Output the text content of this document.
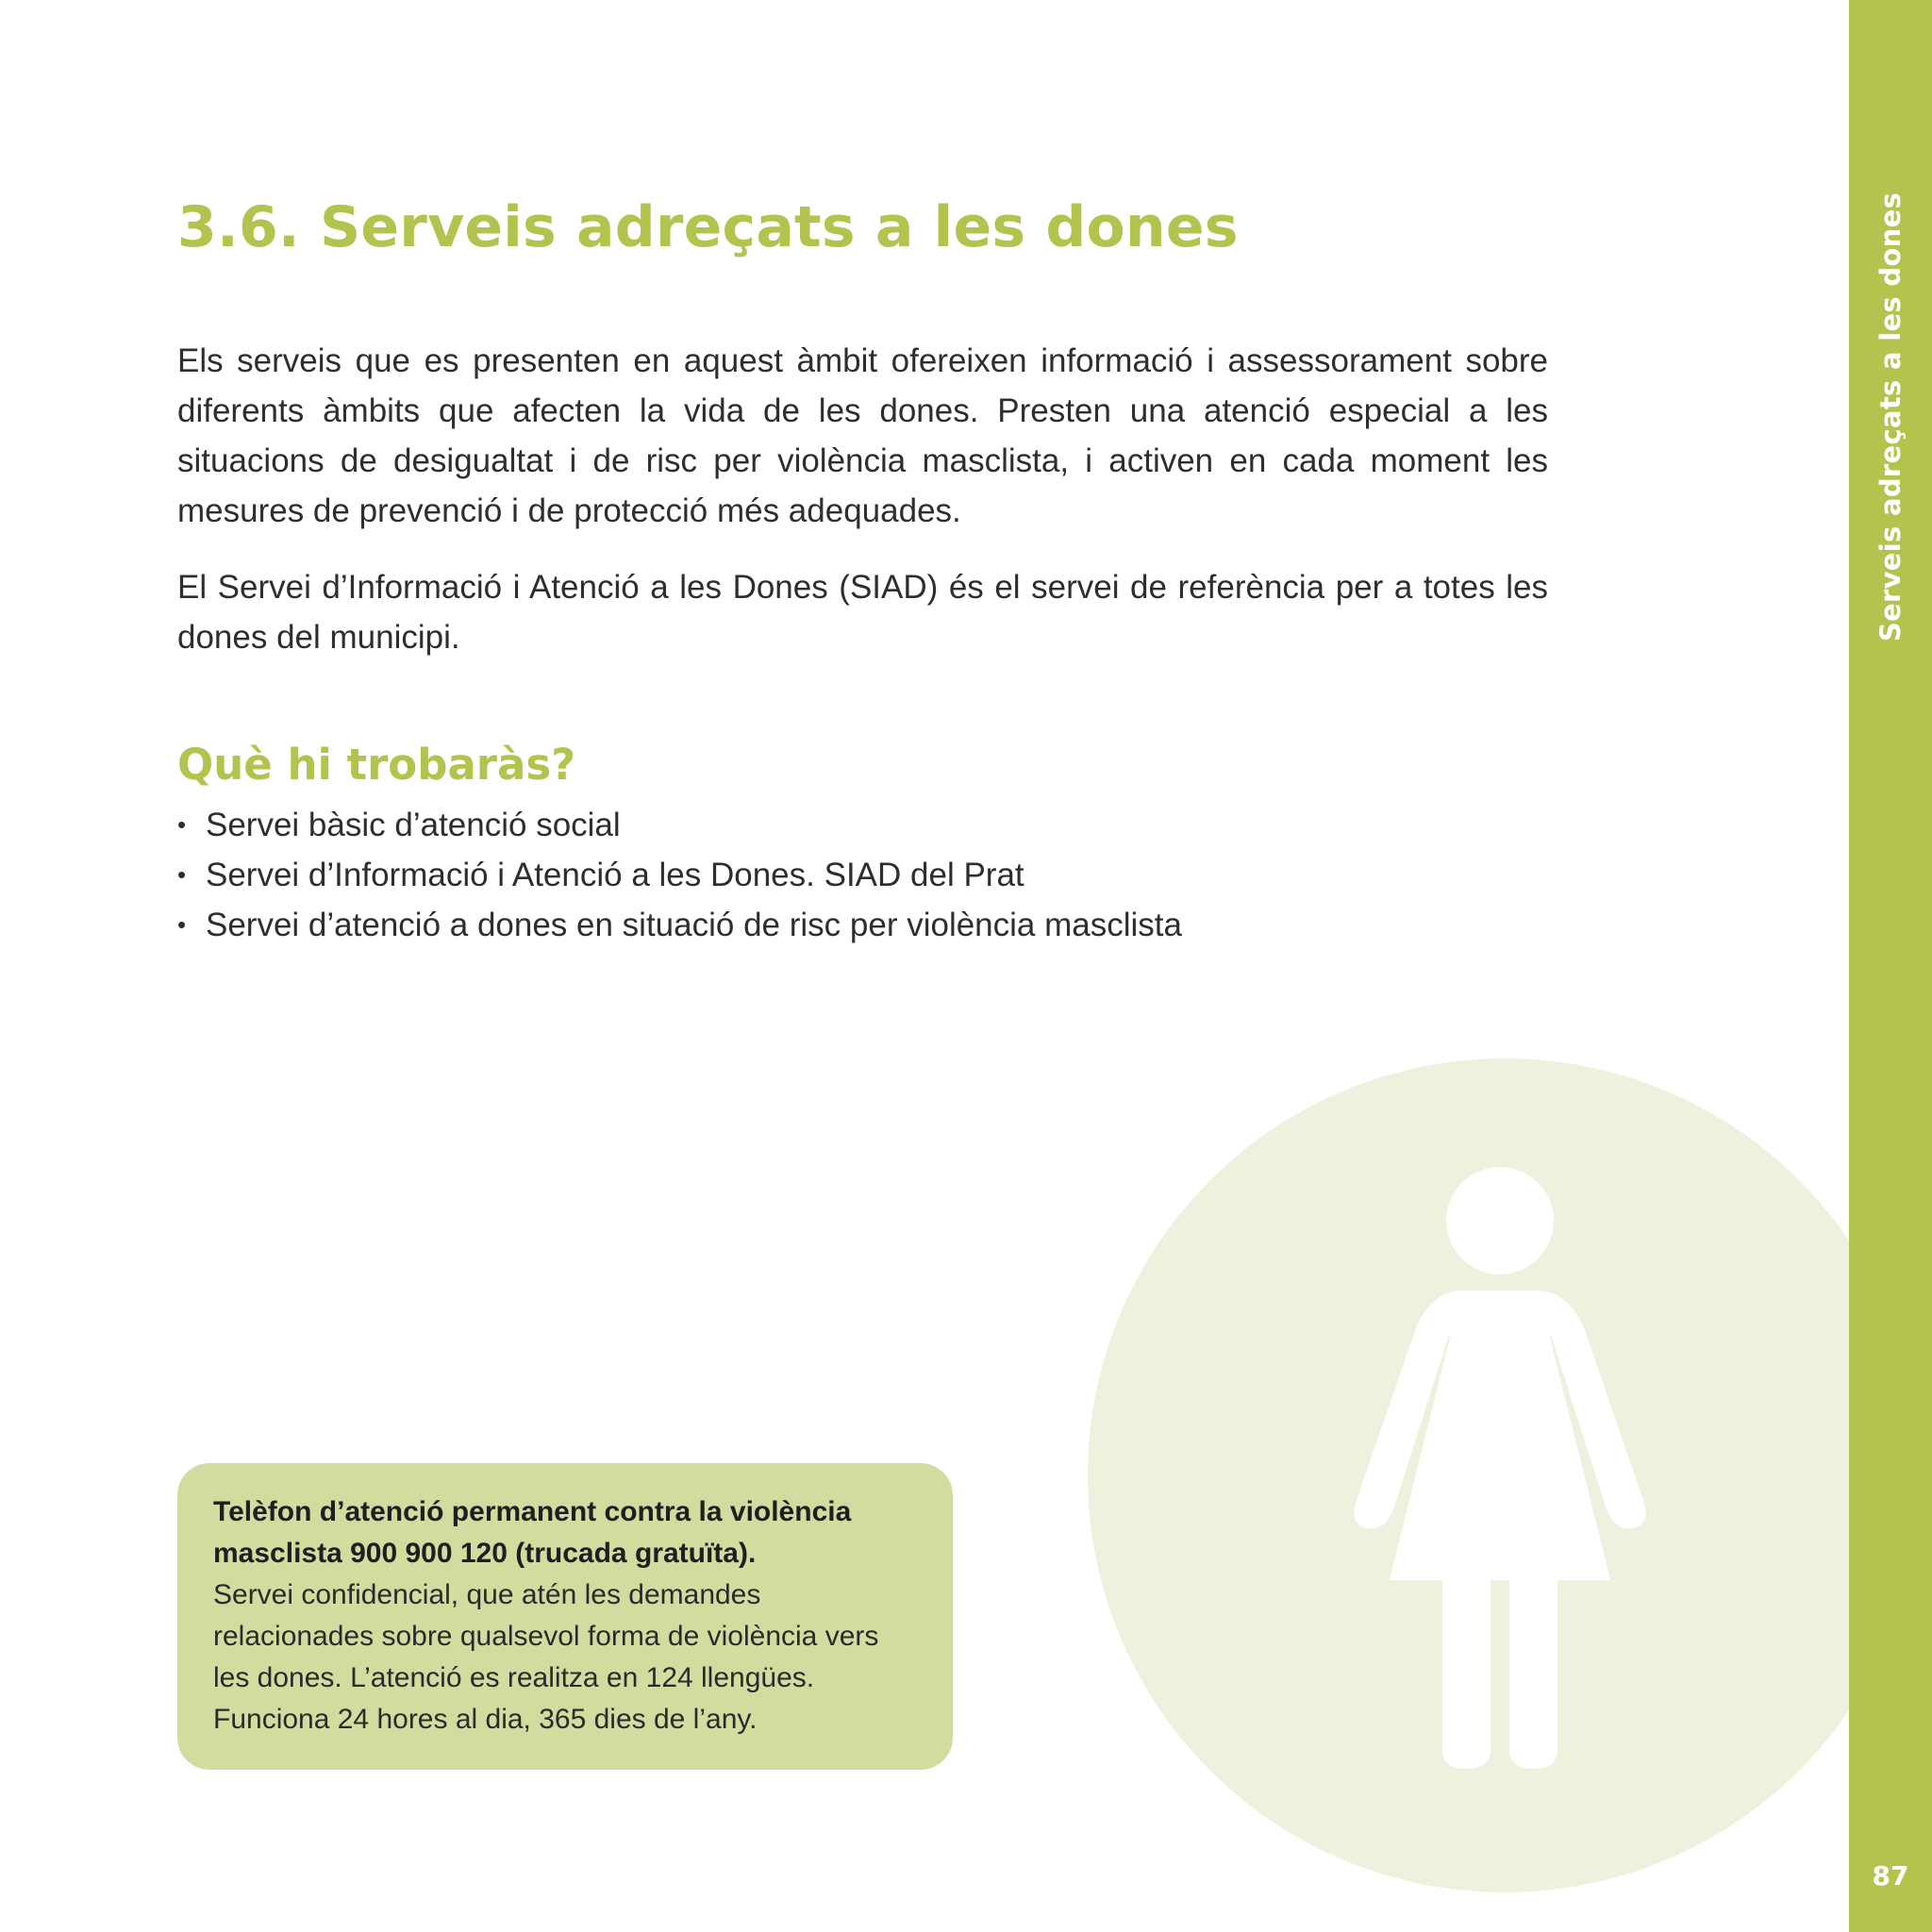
Serveis adreçats a les dones
87
3.6. Serveis adreçats a les dones

Els serveis que es presenten en aquest àmbit ofereixen informació i assessorament sobre diferents àmbits que afecten la vida de les dones. Presten una atenció especial a les situacions de desigualtat i de risc per violència masclista, i activen en cada moment les mesures de prevenció i de protecció més adequades.

El Servei d’Informació i Atenció a les Dones (SIAD) és el servei de referència per a totes les dones del municipi.

Què hi trobaràs?
• Servei bàsic d’atenció social
• Servei d’Informació i Atenció a les Dones. SIAD del Prat
• Servei d’atenció a dones en situació de risc per violència masclista
Telèfon d’atenció permanent contra la violència masclista 900 900 120 (trucada gratuïta).
Servei confidencial, que atén les demandes relacionades sobre qualsevol forma de violència vers les dones. L’atenció es realitza en 124 llengües. Funciona 24 hores al dia, 365 dies de l’any.
